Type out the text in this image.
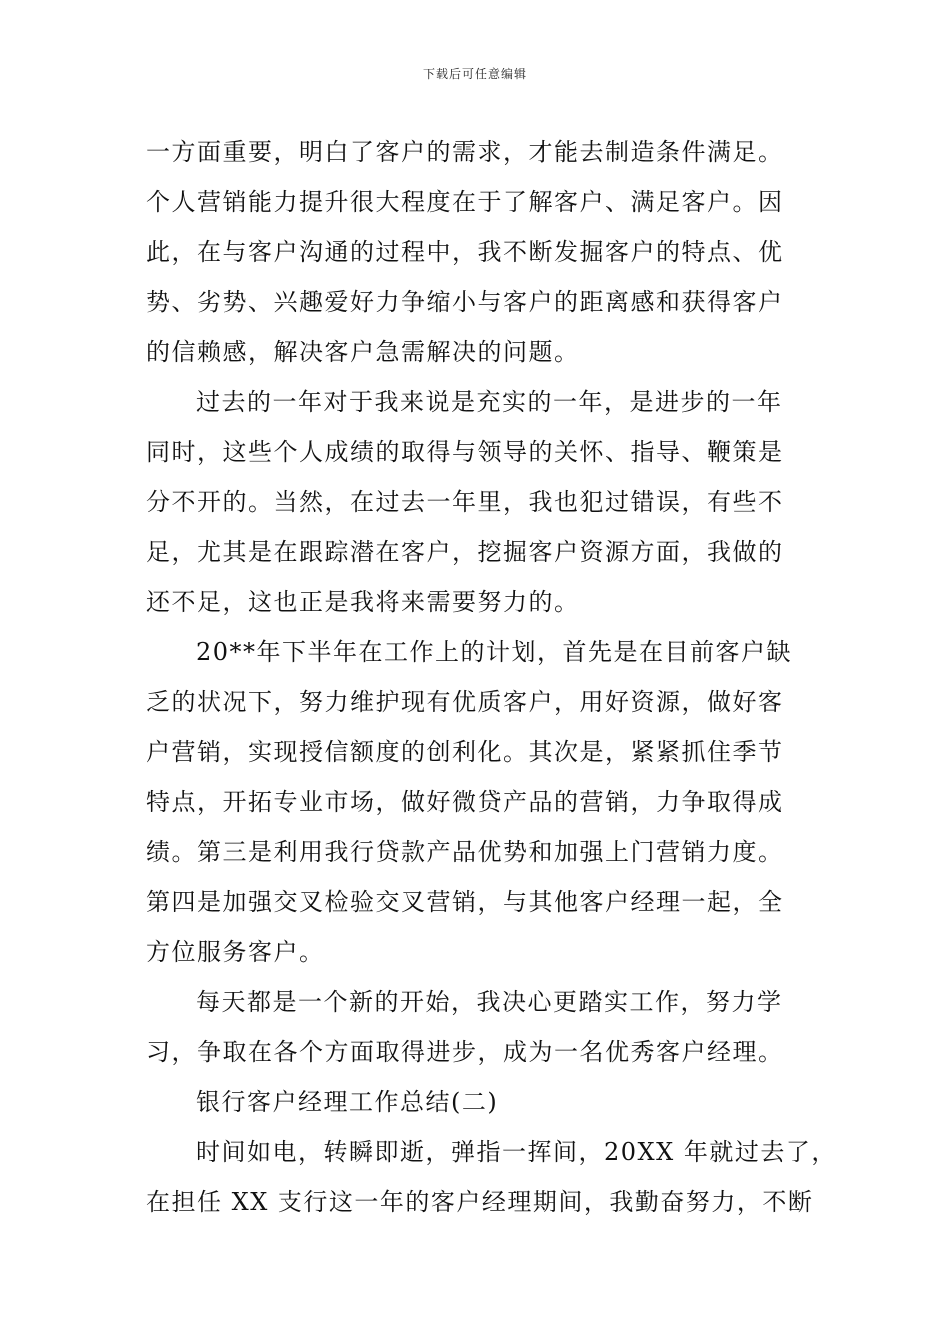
下载后可任意编辑
一方面重要，明白了客户的需求，才能去制造条件满足。
个人营销能力提升很大程度在于了解客户、满足客户。因
此，在与客户沟通的过程中，我不断发掘客户的特点、优
势、劣势、兴趣爱好力争缩小与客户的距离感和获得客户
的信赖感，解决客户急需解决的问题。
过去的一年对于我来说是充实的一年，是进步的一年
同时，这些个人成绩的取得与领导的关怀、指导、鞭策是
分不开的。当然，在过去一年里，我也犯过错误，有些不
足，尤其是在跟踪潜在客户，挖掘客户资源方面，我做的
还不足，这也正是我将来需要努力的。
20**年下半年在工作上的计划，首先是在目前客户缺
乏的状况下，努力维护现有优质客户，用好资源，做好客
户营销，实现授信额度的创利化。其次是，紧紧抓住季节
特点，开拓专业市场，做好微贷产品的营销，力争取得成
绩。第三是利用我行贷款产品优势和加强上门营销力度。
第四是加强交叉检验交叉营销，与其他客户经理一起，全
方位服务客户。
每天都是一个新的开始，我决心更踏实工作，努力学
习，争取在各个方面取得进步，成为一名优秀客户经理。
银行客户经理工作总结(二)
时间如电，转瞬即逝，弹指一挥间，20XX 年就过去了，
在担任 XX 支行这一年的客户经理期间，我勤奋努力，不断
